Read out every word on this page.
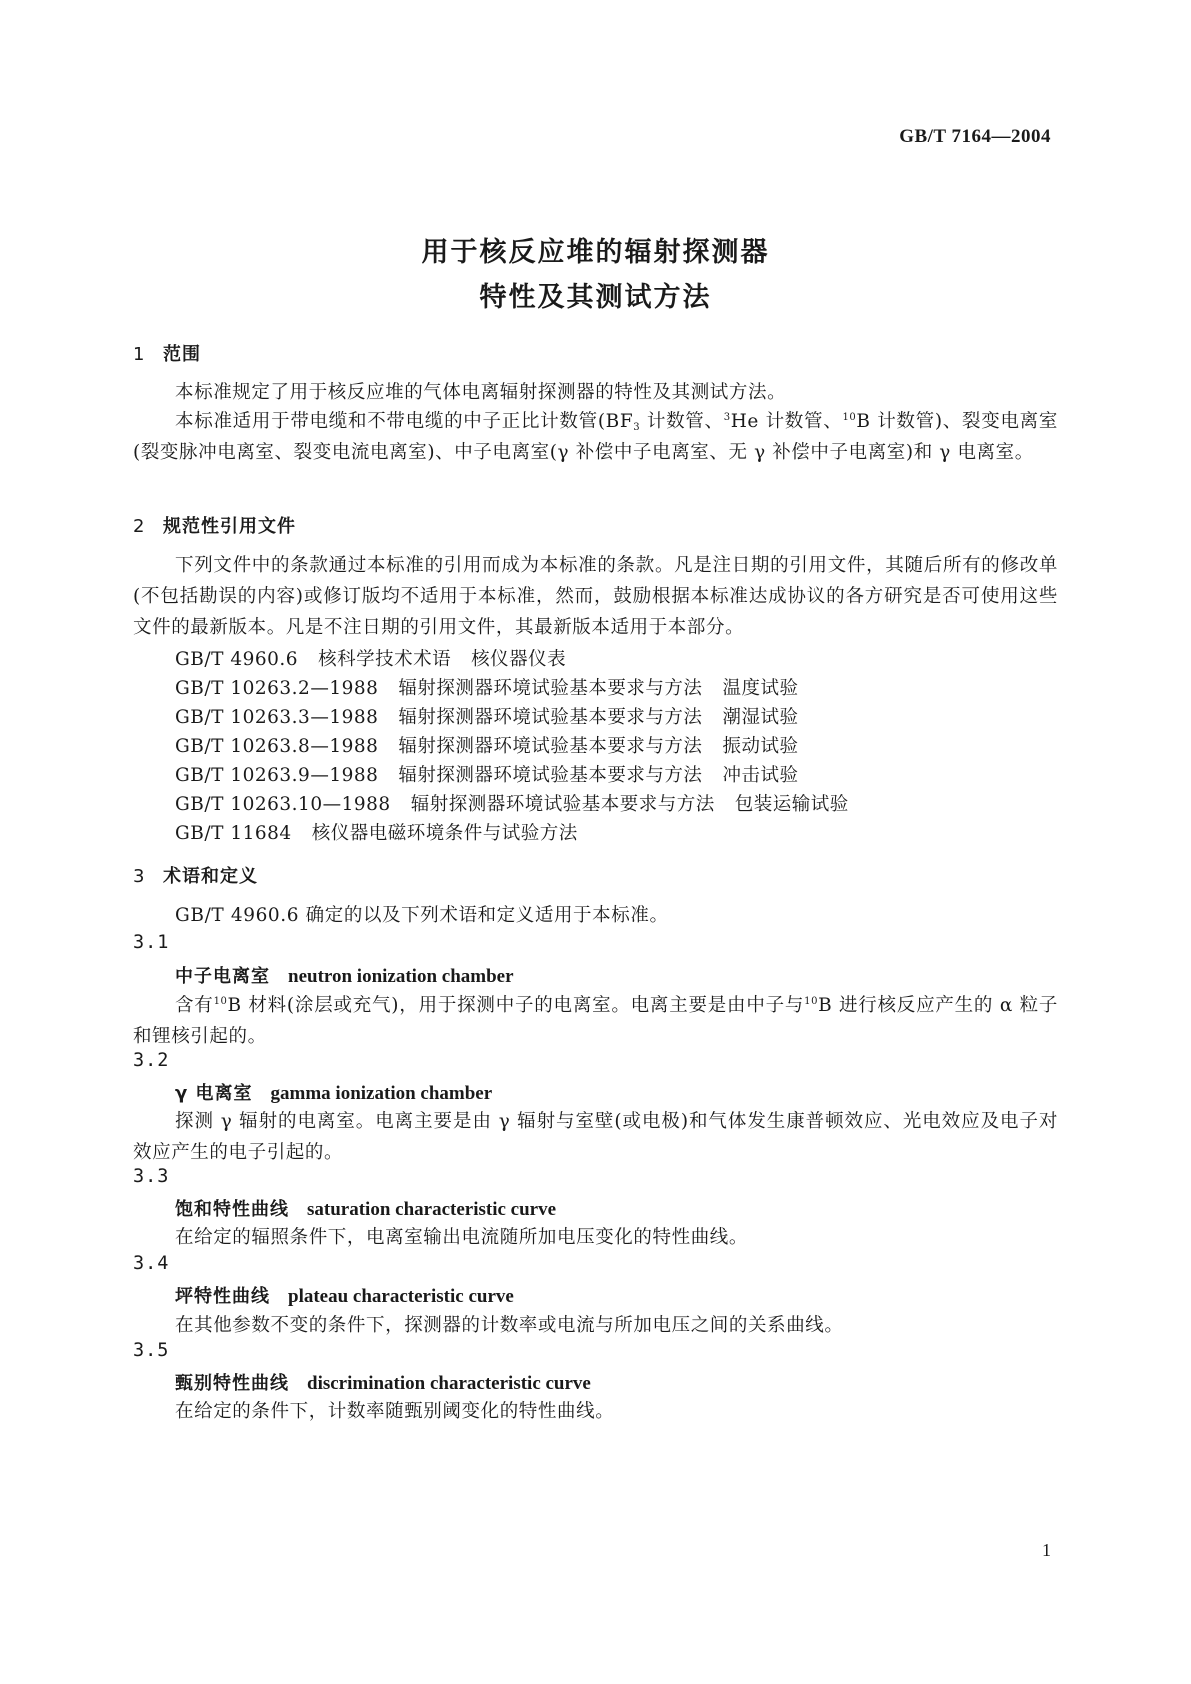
GB/T 7164—2004
用于核反应堆的辐射探测器
特性及其测试方法
1 范围
本标准规定了用于核反应堆的气体电离辐射探测器的特性及其测试方法。
本标准适用于带电缆和不带电缆的中子正比计数管($BF_3$ 计数管、$^3$He 计数管、$^{10}$B 计数管)、裂变电离室(裂变脉冲电离室、裂变电流电离室)、中子电离室(γ 补偿中子电离室、无 γ 补偿中子电离室)和 γ 电离室。
2 规范性引用文件
下列文件中的条款通过本标准的引用而成为本标准的条款。凡是注日期的引用文件，其随后所有的修改单(不包括勘误的内容)或修订版均不适用于本标准，然而，鼓励根据本标准达成协议的各方研究是否可使用这些文件的最新版本。凡是不注日期的引用文件，其最新版本适用于本部分。
GB/T 4960.6 核科学技术术语 核仪器仪表
GB/T 10263.2—1988 辐射探测器环境试验基本要求与方法 温度试验
GB/T 10263.3—1988 辐射探测器环境试验基本要求与方法 潮湿试验
GB/T 10263.8—1988 辐射探测器环境试验基本要求与方法 振动试验
GB/T 10263.9—1988 辐射探测器环境试验基本要求与方法 冲击试验
GB/T 10263.10—1988 辐射探测器环境试验基本要求与方法 包装运输试验
GB/T 11684 核仪器电磁环境条件与试验方法
3 术语和定义
GB/T 4960.6 确定的以及下列术语和定义适用于本标准。
3.1
中子电离室 neutron ionization chamber
含有$^{10}$B 材料(涂层或充气)，用于探测中子的电离室。电离主要是由中子与$^{10}$B 进行核反应产生的 α 粒子和锂核引起的。
3.2
γ 电离室 gamma ionization chamber
探测 γ 辐射的电离室。电离主要是由 γ 辐射与室壁(或电极)和气体发生康普顿效应、光电效应及电子对效应产生的电子引起的。
3.3
饱和特性曲线 saturation characteristic curve
在给定的辐照条件下，电离室输出电流随所加电压变化的特性曲线。
3.4
坪特性曲线 plateau characteristic curve
在其他参数不变的条件下，探测器的计数率或电流与所加电压之间的关系曲线。
3.5
甄别特性曲线 discrimination characteristic curve
在给定的条件下，计数率随甄别阈变化的特性曲线。
1
